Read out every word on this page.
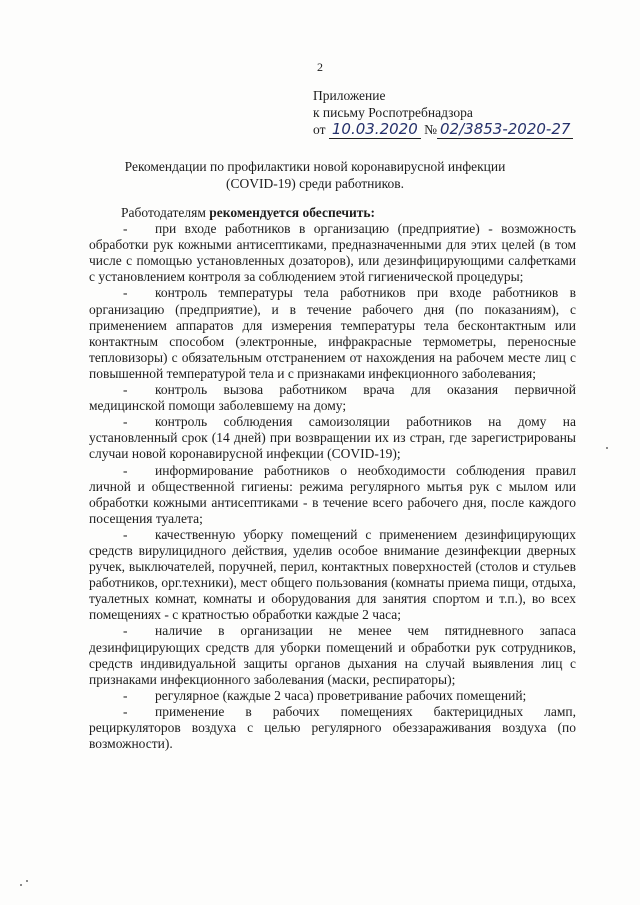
2
Приложение
к письму Роспотребнадзора
от 10.03.2020 № 02/3853-2020-27
Рекомендации по профилактики новой коронавирусной инфекции (COVID-19) среди работников.

Работодателям рекомендуется обеспечить:

- при входе работников в организацию (предприятие) - возможность обработки рук кожными антисептиками, предназначенными для этих целей (в том числе с помощью установленных дозаторов), или дезинфицирующими салфетками с установлением контроля за соблюдением этой гигиенической процедуры;
- контроль температуры тела работников при входе работников в организацию (предприятие), и в течение рабочего дня (по показаниям), с применением аппаратов для измерения температуры тела бесконтактным или контактным способом (электронные, инфракрасные термометры, переносные тепловизоры) с обязательным отстранением от нахождения на рабочем месте лиц с повышенной температурой тела и с признаками инфекционного заболевания;
- контроль вызова работником врача для оказания первичной медицинской помощи заболевшему на дому;
- контроль соблюдения самоизоляции работников на дому на установленный срок (14 дней) при возвращении их из стран, где зарегистрированы случаи новой коронавирусной инфекции (COVID-19);
- информирование работников о необходимости соблюдения правил личной и общественной гигиены: режима регулярного мытья рук с мылом или обработки кожными антисептиками - в течение всего рабочего дня, после каждого посещения туалета;
- качественную уборку помещений с применением дезинфицирующих средств вирулицидного действия, уделив особое внимание дезинфекции дверных ручек, выключателей, поручней, перил, контактных поверхностей (столов и стульев работников, орг.техники), мест общего пользования (комнаты приема пищи, отдыха, туалетных комнат, комнаты и оборудования для занятия спортом и т.п.), во всех помещениях - с кратностью обработки каждые 2 часа;
- наличие в организации не менее чем пятидневного запаса дезинфицирующих средств для уборки помещений и обработки рук сотрудников, средств индивидуальной защиты органов дыхания на случай выявления лиц с признаками инфекционного заболевания (маски, респираторы);
- регулярное (каждые 2 часа) проветривание рабочих помещений;
- применение в рабочих помещениях бактерицидных ламп, рециркуляторов воздуха с целью регулярного обеззараживания воздуха (по возможности).
